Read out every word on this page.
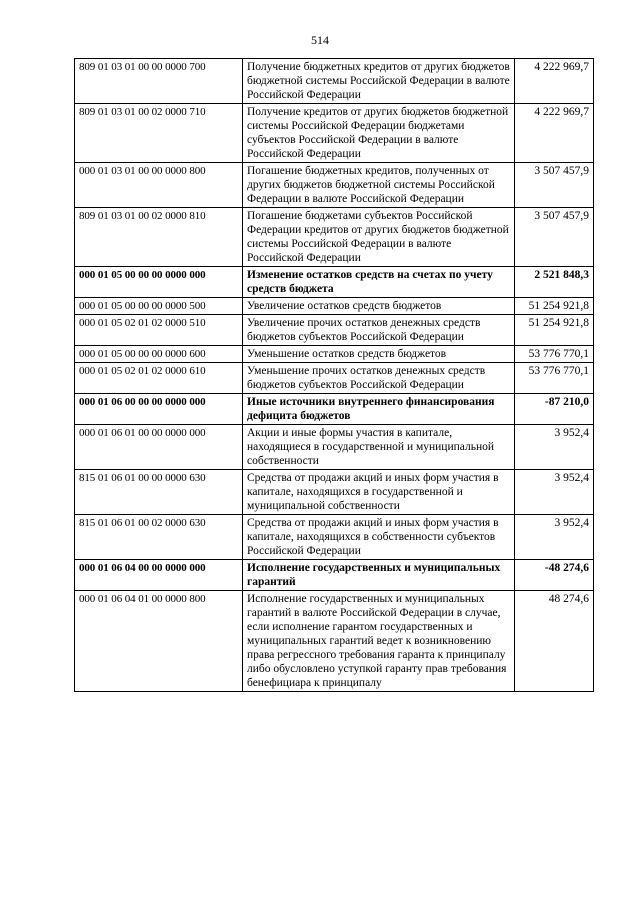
514
809 01 03 01 00 00 0000 700	Получение бюджетных кредитов от других бюджетов бюджетной системы Российской Федерации в валюте Российской Федерации	4 222 969,7
809 01 03 01 00 02 0000 710	Получение кредитов от других бюджетов бюджетной системы Российской Федерации бюджетами субъектов Российской Федерации в валюте Российской Федерации	4 222 969,7
000 01 03 01 00 00 0000 800	Погашение бюджетных кредитов, полученных от других бюджетов бюджетной системы Российской Федерации в валюте Российской Федерации	3 507 457,9
809 01 03 01 00 02 0000 810	Погашение бюджетами субъектов Российской Федерации кредитов от других бюджетов бюджетной системы Российской Федерации в валюте Российской Федерации	3 507 457,9
000 01 05 00 00 00 0000 000	Изменение остатков средств на счетах по учету средств бюджета	2 521 848,3
000 01 05 00 00 00 0000 500	Увеличение остатков средств бюджетов	51 254 921,8
000 01 05 02 01 02 0000 510	Увеличение прочих остатков денежных средств бюджетов субъектов Российской Федерации	51 254 921,8
000 01 05 00 00 00 0000 600	Уменьшение остатков средств бюджетов	53 776 770,1
000 01 05 02 01 02 0000 610	Уменьшение прочих остатков денежных средств бюджетов субъектов Российской Федерации	53 776 770,1
000 01 06 00 00 00 0000 000	Иные источники внутреннего финансирования дефицита бюджетов	-87 210,0
000 01 06 01 00 00 0000 000	Акции и иные формы участия в капитале, находящиеся в государственной и муниципальной собственности	3 952,4
815 01 06 01 00 00 0000 630	Средства от продажи акций и иных форм участия в капитале, находящихся в государственной и муниципальной собственности	3 952,4
815 01 06 01 00 02 0000 630	Средства от продажи акций и иных форм участия в капитале, находящихся в собственности субъектов Российской Федерации	3 952,4
000 01 06 04 00 00 0000 000	Исполнение государственных и муниципальных гарантий	-48 274,6
000 01 06 04 01 00 0000 800	Исполнение государственных и муниципальных гарантий в валюте Российской Федерации в случае, если исполнение гарантом государственных и муниципальных гарантий ведет к возникновению права регрессного требования гаранта к принципалу либо обусловлено уступкой гаранту прав требования бенефициара к принципалу	48 274,6
